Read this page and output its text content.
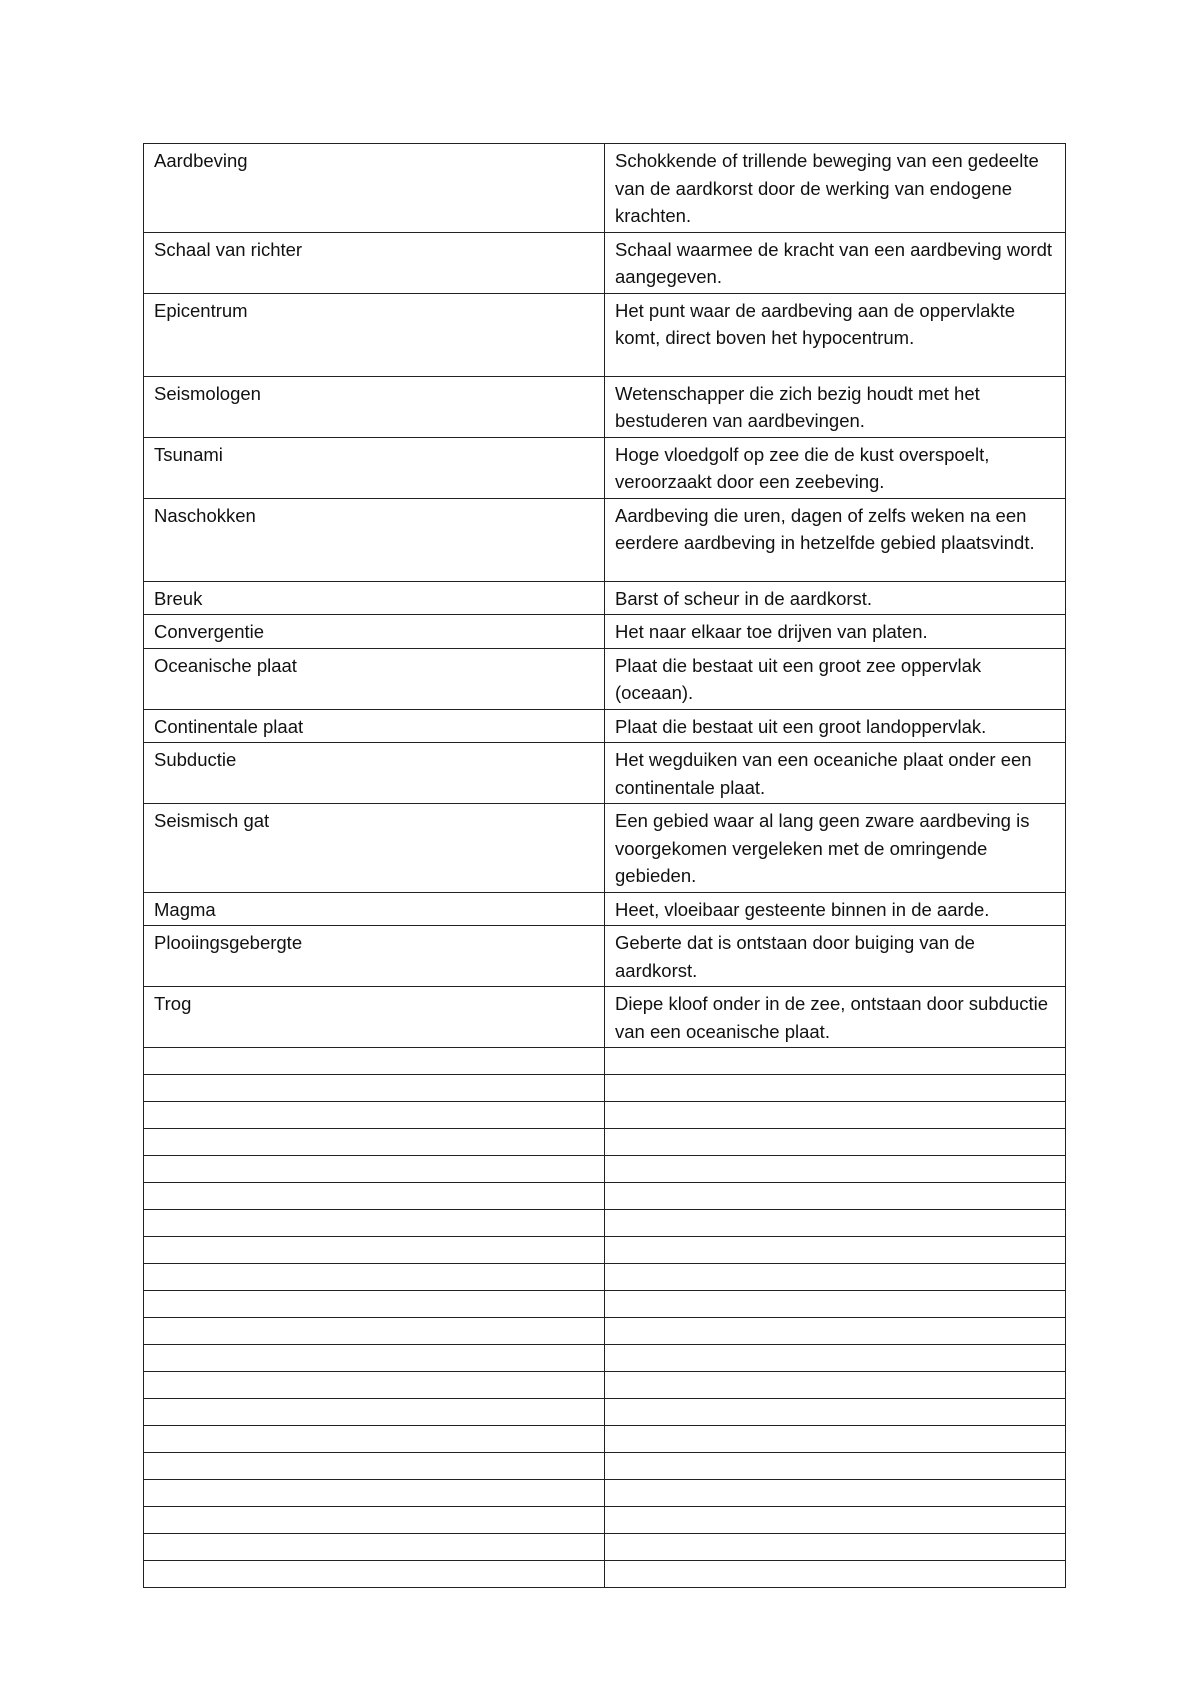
Aardbeving	Schokkende of trillende beweging van een gedeelte van de aardkorst door de werking van endogene krachten.
Schaal van richter	Schaal waarmee de kracht van een aardbeving wordt aangegeven.
Epicentrum	Het punt waar de aardbeving aan de oppervlakte komt, direct boven het hypocentrum.
Seismologen	Wetenschapper die zich bezig houdt met het bestuderen van aardbevingen.
Tsunami	Hoge vloedgolf op zee die de kust overspoelt, veroorzaakt door een zeebeving.
Naschokken	Aardbeving die uren, dagen of zelfs weken na een eerdere aardbeving in hetzelfde gebied plaatsvindt.
Breuk	Barst of scheur in de aardkorst.
Convergentie	Het naar elkaar toe drijven van platen.
Oceanische plaat	Plaat die bestaat uit een groot zee oppervlak (oceaan).
Continentale plaat	Plaat die bestaat uit een groot landoppervlak.
Subductie	Het wegduiken van een oceaniche plaat onder een continentale plaat.
Seismisch gat	Een gebied waar al lang geen zware aardbeving is voorgekomen vergeleken met de omringende gebieden.
Magma	Heet, vloeibaar gesteente binnen in de aarde.
Plooiingsgebergte	Geberte dat is ontstaan door buiging van de aardkorst.
Trog	Diepe kloof onder in de zee, ontstaan door subductie van een oceanische plaat.
